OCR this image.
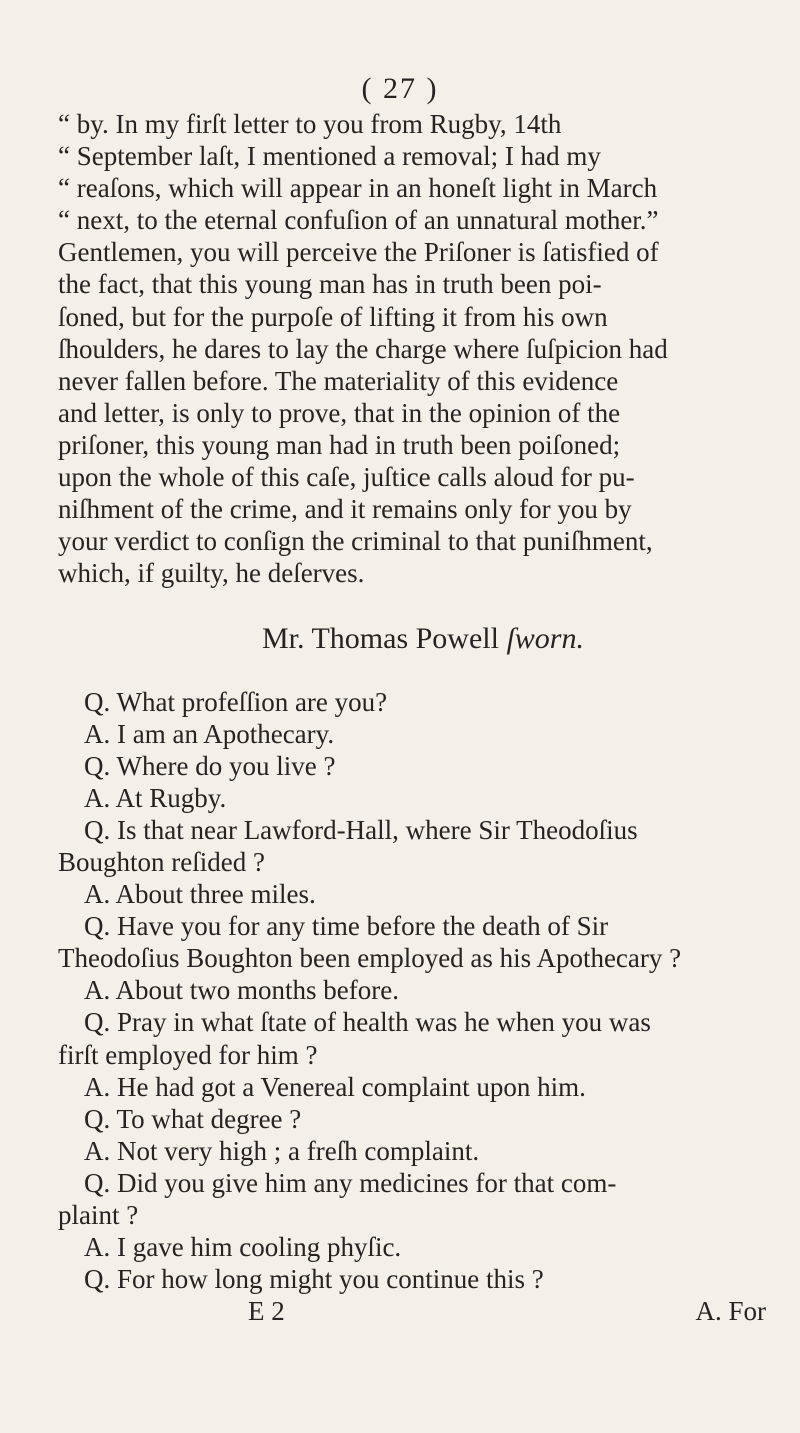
( 27 )
“ by. In my firſt letter to you from Rugby, 14th
“ September laſt, I mentioned a removal; I had my
“ reaſons, which will appear in an honeſt light in March
“ next, to the eternal confuſion of an unnatural mother.”
Gentlemen, you will perceive the Priſoner is ſatisfied of
the fact, that this young man has in truth been poi-
ſoned, but for the purpoſe of lifting it from his own
ſhoulders, he dares to lay the charge where ſuſpicion had
never fallen before. The materiality of this evidence
and letter, is only to prove, that in the opinion of the
priſoner, this young man had in truth been poiſoned;
upon the whole of this caſe, juſtice calls aloud for pu-
niſhment of the crime, and it remains only for you by
your verdict to conſign the criminal to that puniſhment,
which, if guilty, he deſerves.
Mr. Thomas Powell ſworn.
Q. What profeſſion are you?
A. I am an Apothecary.
Q. Where do you live ?
A. At Rugby.
Q. Is that near Lawford-Hall, where Sir Theodoſius
Boughton reſided ?
A. About three miles.
Q. Have you for any time before the death of Sir
Theodoſius Boughton been employed as his Apothecary ?
A. About two months before.
Q. Pray in what ſtate of health was he when you was
firſt employed for him ?
A. He had got a Venereal complaint upon him.
Q. To what degree ?
A. Not very high ; a freſh complaint.
Q. Did you give him any medicines for that com-
plaint ?
A. I gave him cooling phyſic.
Q. For how long might you continue this ?
E 2	A. For
